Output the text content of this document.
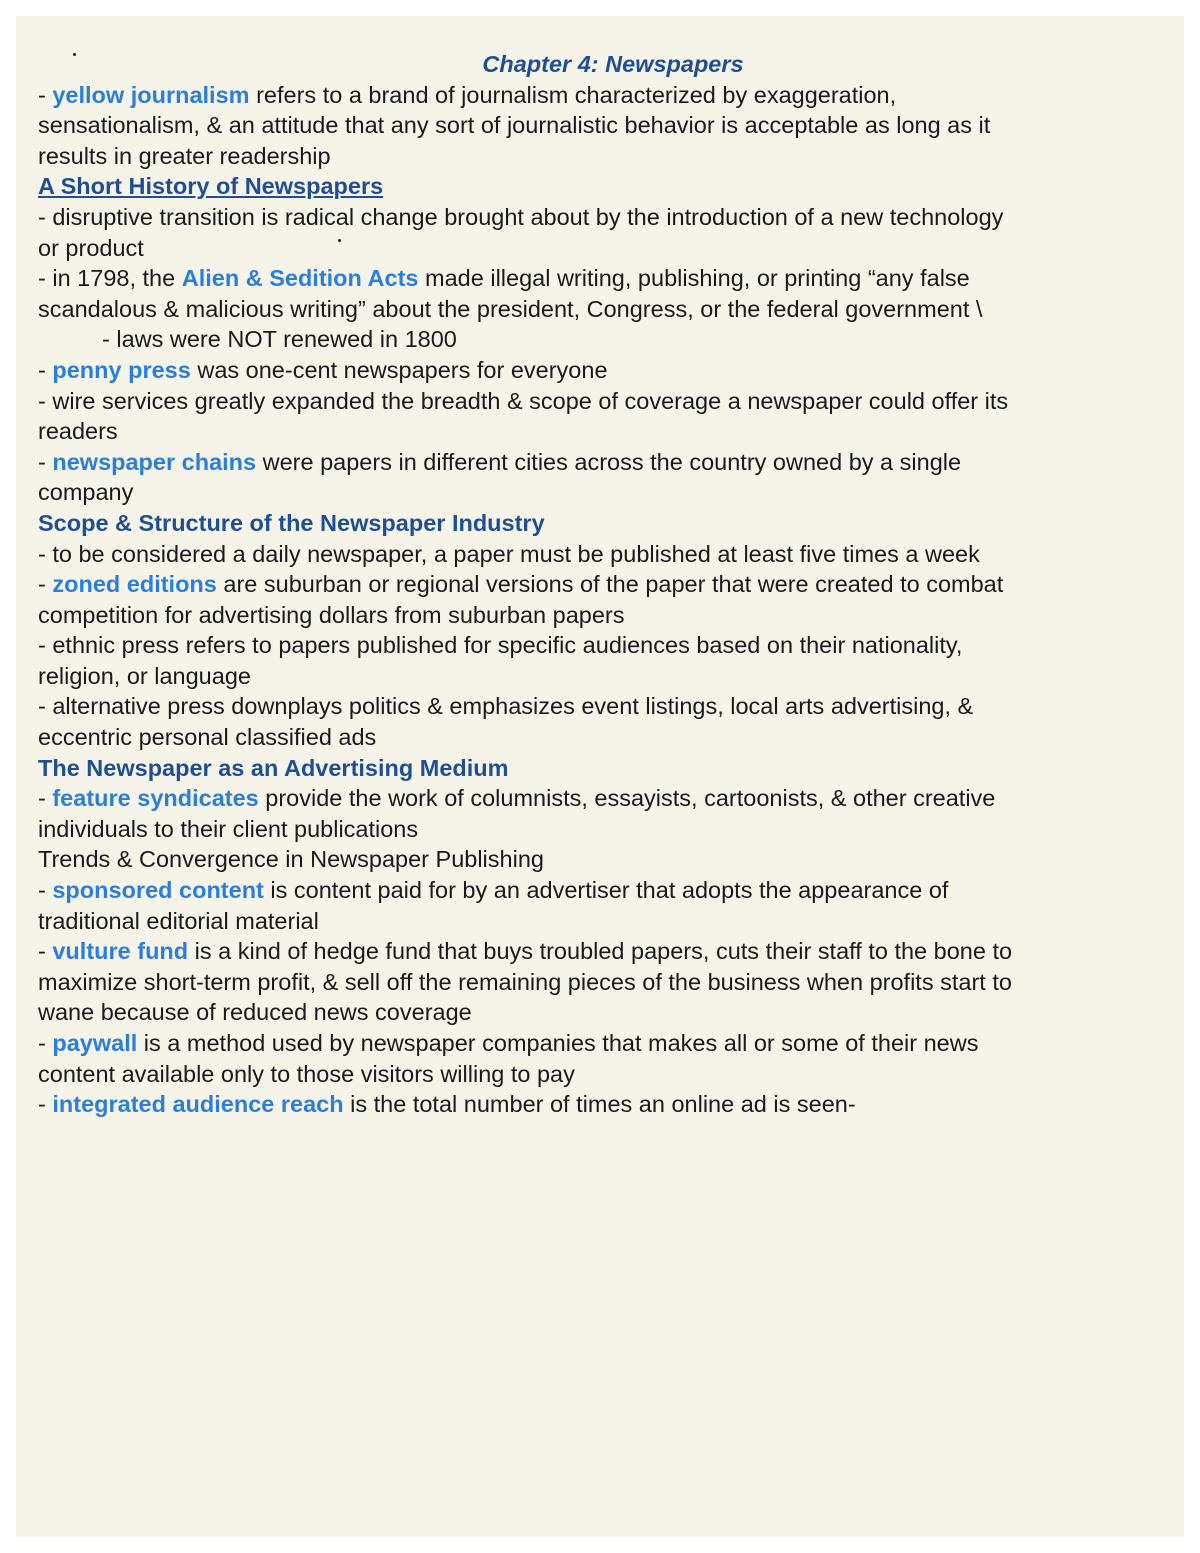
Chapter 4: Newspapers

- yellow journalism refers to a brand of journalism characterized by exaggeration,

sensationalism, & an attitude that any sort of journalistic behavior is acceptable as long as it

results in greater readership

A Short History of Newspapers

- disruptive transition is radical change brought about by the introduction of a new technology

or product

- in 1798, the Alien & Sedition Acts made illegal writing, publishing, or printing “any false

scandalous & malicious writing” about the president, Congress, or the federal government \

- laws were NOT renewed in 1800

- penny press was one-cent newspapers for everyone

- wire services greatly expanded the breadth & scope of coverage a newspaper could offer its

readers

- newspaper chains were papers in different cities across the country owned by a single

company

Scope & Structure of the Newspaper Industry

- to be considered a daily newspaper, a paper must be published at least five times a week

- zoned editions are suburban or regional versions of the paper that were created to combat

competition for advertising dollars from suburban papers

- ethnic press refers to papers published for specific audiences based on their nationality,

religion, or language

- alternative press downplays politics & emphasizes event listings, local arts advertising, &

eccentric personal classified ads

The Newspaper as an Advertising Medium

- feature syndicates provide the work of columnists, essayists, cartoonists, & other creative

individuals to their client publications

Trends & Convergence in Newspaper Publishing

- sponsored content is content paid for by an advertiser that adopts the appearance of

traditional editorial material

- vulture fund is a kind of hedge fund that buys troubled papers, cuts their staff to the bone to

maximize short-term profit, & sell off the remaining pieces of the business when profits start to

wane because of reduced news coverage

- paywall is a method used by newspaper companies that makes all or some of their news

content available only to those visitors willing to pay

- integrated audience reach is the total number of times an online ad is seen-
